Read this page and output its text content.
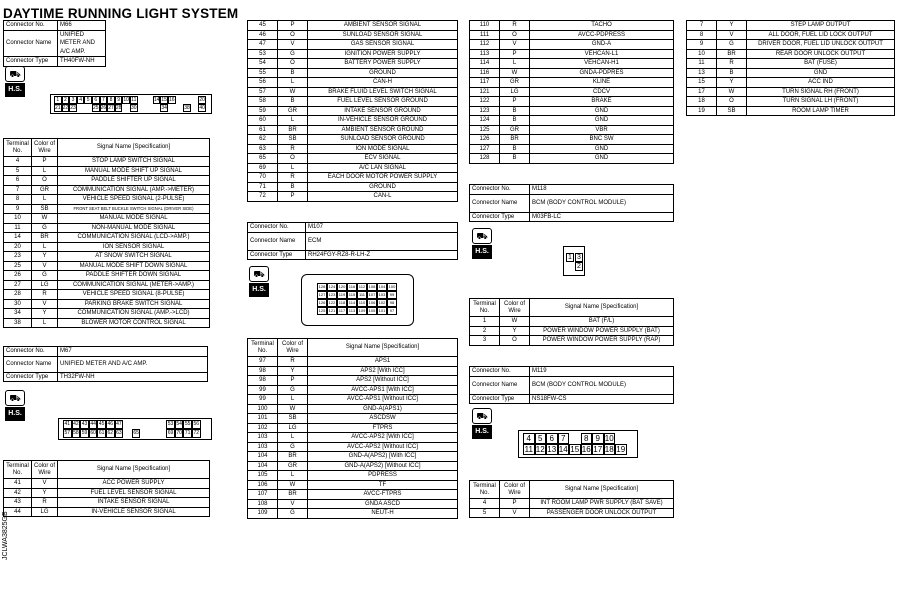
DAYTIME RUNNING LIGHT SYSTEM
JCLWA3825GB
Connector No.	M66
Connector Name	UNIFIED METER AND A/C AMP.
Connector Type	TH40FW-NH
⛟
H.S.
1 2 3 4 5 6 7 8 9 10 11	14 15 16	20
21 22 23	25 26 27 28 30	34	38 40
Terminal No.	Color of Wire	Signal Name [Specification]
4	P	STOP LAMP SWITCH SIGNAL
5	L	MANUAL MODE SHIFT UP SIGNAL
6	O	PADDLE SHIFTER UP SIGNAL
7	GR	COMMUNICATION SIGNAL (AMP.->METER)
8	L	VEHICLE SPEED SIGNAL (2-PULSE)
9	SB	FRONT SEAT BELT BUCKLE SWITCH SIGNAL (DRIVER SIDE)
10	W	MANUAL MODE SIGNAL
11	G	NON-MANUAL MODE SIGNAL
14	BR	COMMUNICATION SIGNAL (LCD->AMP.)
20	L	ION SENSOR SIGNAL
23	Y	AT SNOW SWITCH SIGNAL
25	V	MANUAL MODE SHIFT DOWN SIGNAL
26	G	PADDLE SHIFTER DOWN SIGNAL
27	LG	COMMUNICATION SIGNAL (METER->AMP.)
28	R	VEHICLE SPEED SIGNAL (8-PULSE)
30	V	PARKING BRAKE SWITCH SIGNAL
34	Y	COMMUNICATION SIGNAL (AMP.->LCD)
38	L	BLOWER MOTOR CONTROL SIGNAL
Connector No.	M67
Connector Name	UNIFIED METER AND A/C AMP.
Connector Type	TH32FW-NH
⛟
H.S.
41 42 43 44 45 46 47	53 54 55 56
57 58 59 60 61 62 63	65	69 70 71 72
Terminal No.	Color of Wire	Signal Name [Specification]
41	V	ACC POWER SUPPLY
42	Y	FUEL LEVEL SENSOR SIGNAL
43	R	INTAKE SENSOR SIGNAL
44	LG	IN-VEHICLE SENSOR SIGNAL
45	P	AMBIENT SENSOR SIGNAL
46	O	SUNLOAD SENSOR SIGNAL
47	V	GAS SENSOR SIGNAL
53	G	IGNITION POWER SUPPLY
54	O	BATTERY POWER SUPPLY
55	B	GROUND
56	L	CAN-H
57	W	BRAKE FLUID LEVEL SWITCH SIGNAL
58	B	FUEL LEVEL SENSOR GROUND
59	GR	INTAKE SENSOR GROUND
60	L	IN-VEHICLE SENSOR GROUND
61	BR	AMBIENT SENSOR GROUND
62	SB	SUNLOAD SENSOR GROUND
63	R	ION MODE SIGNAL
65	O	ECV SIGNAL
69	L	A/C LAN SIGNAL
70	R	EACH DOOR MOTOR POWER SUPPLY
71	B	GROUND
72	P	CAN-L
Connector No.	M107
Connector Name	ECM
Connector Type	RH24FGY-RZ8-R-LH-Z
⛟
H.S.	128 124 120 116 112 108 104 100
127 123 119 115 111 107 103	99
126 122 118 114 110 106 102	98
125 121 117 113 109 105 101	97
Terminal No.	Color of Wire	Signal Name [Specification]
97	R	APS1
98	Y	APS2 [With ICC]
98	P	APS2 [Without ICC]
99	G	AVCC-APS1 [With ICC]
99	L	AVCC-APS1 [Without ICC]
100	W	GND-A(APS1)
101	SB	ASCDSW
102	LG	FTPRS
103	L	AVCC-APS2 [With ICC]
103	G	AVCC-APS2 [Without ICC]
104	BR	GND-A(APS2) [With ICC]
104	GR	GND-A(APS2) [Without ICC]
105	L	PDPRESS
106	W	TF
107	BR	AVCC-FTPRS
108	V	GNDA ASCD
109	G	NEUT-H
110	R	TACHO
111	O	AVCC-PDPRESS
112	V	GND-A
113	P	VEHCAN-L1
114	L	VEHCAN-H1
116	W	GNDA-PDPRES
117	GR	KLINE
121	LG	CDCV
122	P	BRAKE
123	B	GND
124	B	GND
125	GR	VBR
126	BR	BNC SW
127	B	GND
128	B	GND
Connector No.	M118
Connector Name	BCM (BODY CONTROL MODULE)
Connector Type	M03FB-LC
⛟
H.S.
1 3
2
Terminal No.	Color of Wire	Signal Name [Specification]
1	W	BAT (F/L)
2	Y	POWER WINDOW POWER SUPPLY (BAT)
3	O	POWER WINDOW POWER SUPPLY (RAP)
Connector No.	M119
Connector Name	BCM (BODY CONTROL MODULE)
Connector Type	NS18FW-CS
⛟
H.S.
4 5 6 7	8 9 10
11 12 13 14 15 16 17 18 19
Terminal No.	Color of Wire	Signal Name [Specification]
4	P	INT ROOM LAMP PWR SUPPLY (BAT SAVE)
5	V	PASSENGER DOOR UNLOCK OUTPUT
7	Y	STEP LAMP OUTPUT
8	V	ALL DOOR, FUEL LID LOCK OUTPUT
9	G	DRIVER DOOR, FUEL LID UNLOCK OUTPUT
10	BR	REAR DOOR UNLOCK OUTPUT
11	R	BAT (FUSE)
13	B	GND
15	Y	ACC IND
17	W	TURN SIGNAL RH (FRONT)
18	O	TURN SIGNAL LH (FRONT)
19	SB	ROOM LAMP TIMER
